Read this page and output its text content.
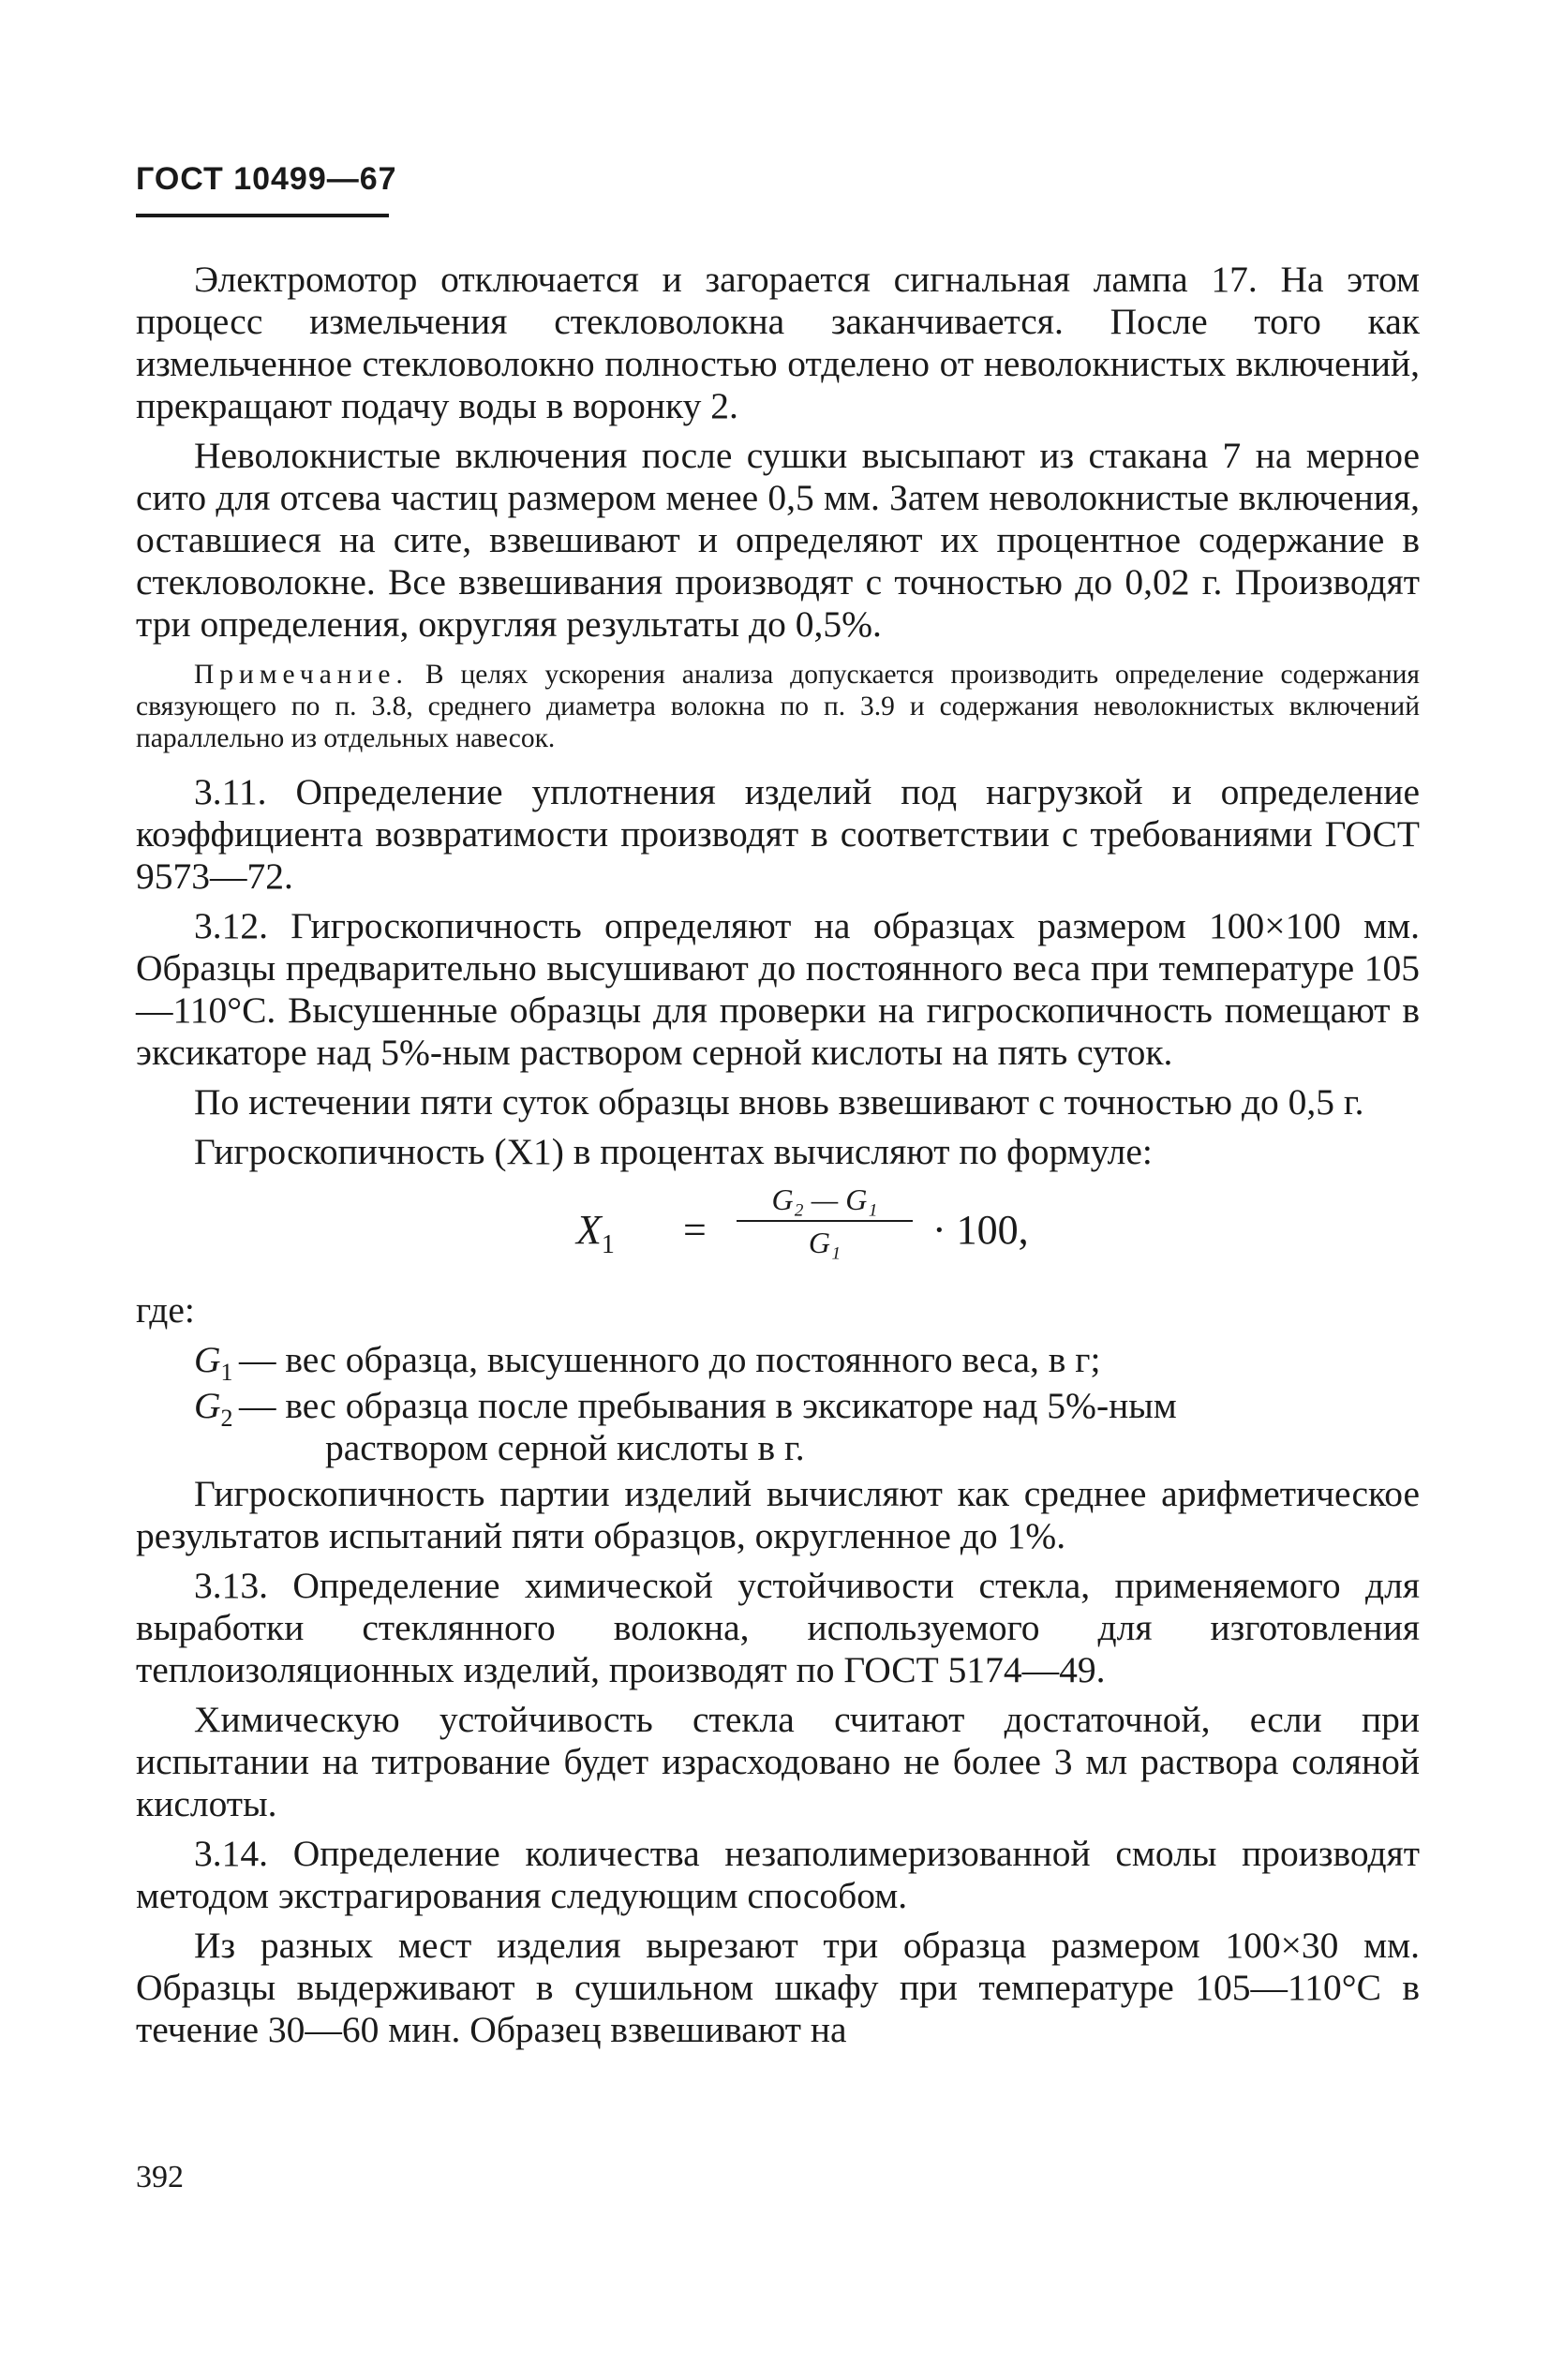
ГОСТ 10499—67

Электромотор отключается и загорается сигнальная лампа 17. На этом процесс измельчения стекловолокна заканчивается. После того как измельченное стекловолокно полностью отделено от неволокнистых включений, прекращают подачу воды в воронку 2.

Неволокнистые включения после сушки высыпают из стакана 7 на мерное сито для отсева частиц размером менее 0,5 мм. Затем неволокнистые включения, оставшиеся на сите, взвешивают и определяют их процентное содержание в стекловолокне. Все взвешивания производят с точностью до 0,02 г. Производят три определения, округляя результаты до 0,5%.

Примечание. В целях ускорения анализа допускается производить определение содержания связующего по п. 3.8, среднего диаметра волокна по п. 3.9 и содержания неволокнистых включений параллельно из отдельных навесок.

3.11. Определение уплотнения изделий под нагрузкой и определение коэффициента возвратимости производят в соответствии с требованиями ГОСТ 9573—72.

3.12. Гигроскопичность определяют на образцах размером 100×100 мм. Образцы предварительно высушивают до постоянного веса при температуре 105—110°С. Высушенные образцы для проверки на гигроскопичность помещают в эксикаторе над 5%-ным раствором серной кислоты на пять суток.

По истечении пяти суток образцы вновь взвешивают с точностью до 0,5 г.

Гигроскопичность (X1) в процентах вычисляют по формуле:

$X_1$ =
G₂ — G₁
G₁	· 100,

где:

$G_1$ — вес образца, высушенного до постоянного веса, в г;
$G_2$ — вес образца после пребывания в эксикаторе над 5%-ным
раствором серной кислоты в г.

Гигроскопичность партии изделий вычисляют как среднее арифметическое результатов испытаний пяти образцов, округленное до 1%.

3.13. Определение химической устойчивости стекла, применяемого для выработки стеклянного волокна, используемого для изготовления теплоизоляционных изделий, производят по ГОСТ 5174—49.

Химическую устойчивость стекла считают достаточной, если при испытании на титрование будет израсходовано не более 3 мл раствора соляной кислоты.

3.14. Определение количества незаполимеризованной смолы производят методом экстрагирования следующим способом.

Из разных мест изделия вырезают три образца размером 100×30 мм. Образцы выдерживают в сушильном шкафу при температуре 105—110°С в течение 30—60 мин. Образец взвешивают на

392
